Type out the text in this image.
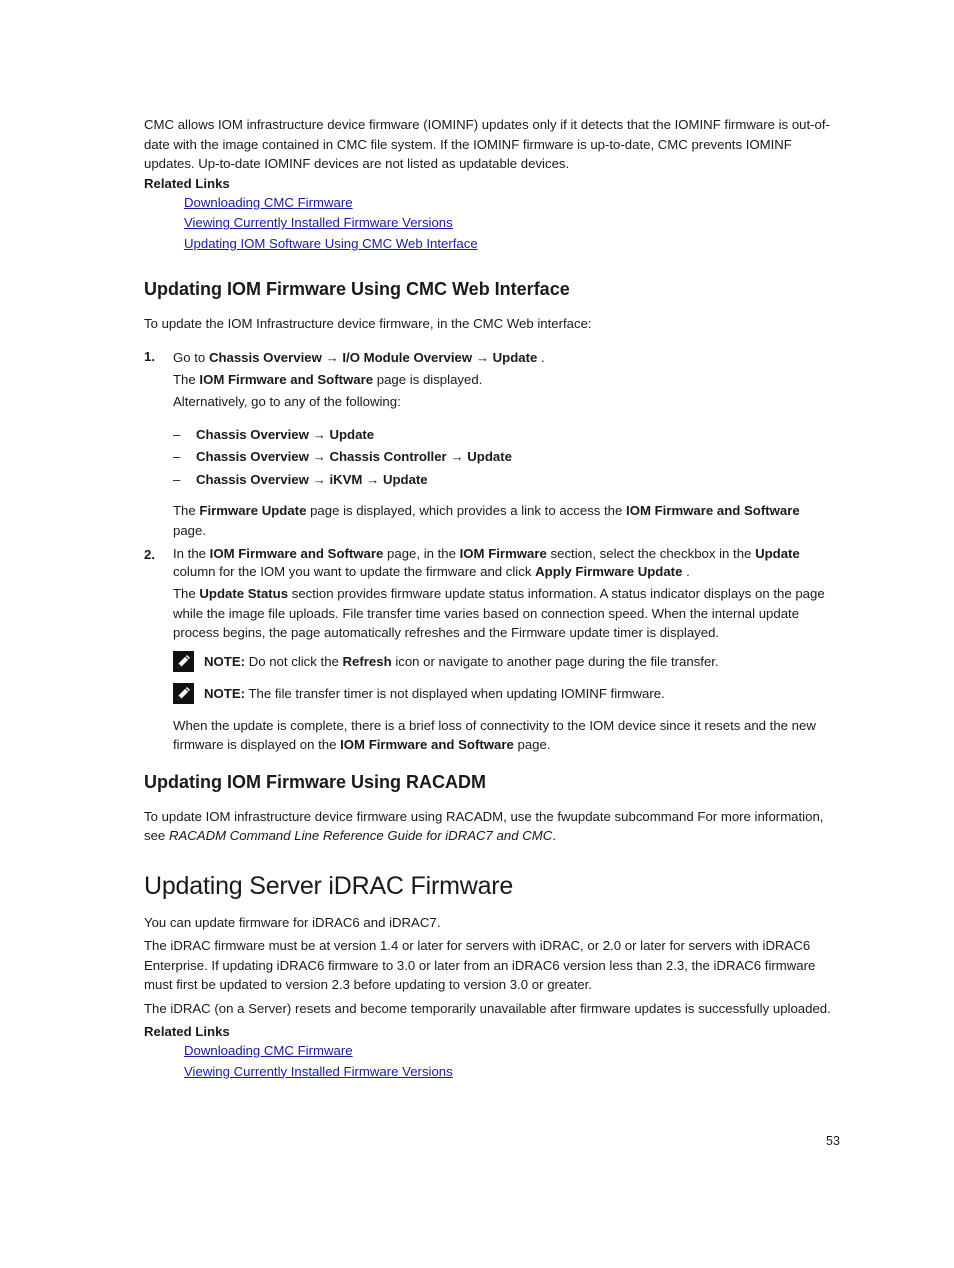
CMC allows IOM infrastructure device firmware (IOMINF) updates only if it detects that the IOMINF firmware is out-of-date with the image contained in CMC file system. If the IOMINF firmware is up-to-date, CMC prevents IOMINF updates. Up-to-date IOMINF devices are not listed as updatable devices.

Related Links
Downloading CMC Firmware
Viewing Currently Installed Firmware Versions
Updating IOM Software Using CMC Web Interface
Updating IOM Firmware Using CMC Web Interface

To update the IOM Infrastructure device firmware, in the CMC Web interface:

1. Go to Chassis Overview → I/O Module Overview → Update .

The IOM Firmware and Software page is displayed.

Alternatively, go to any of the following:

– Chassis Overview → Update
– Chassis Overview → Chassis Controller → Update
– Chassis Overview → iKVM → Update

The Firmware Update page is displayed, which provides a link to access the IOM Firmware and Software page.

2. In the IOM Firmware and Software page, in the IOM Firmware section, select the checkbox in the Update column for the IOM you want to update the firmware and click Apply Firmware Update .

The Update Status section provides firmware update status information. A status indicator displays on the page while the image file uploads. File transfer time varies based on connection speed. When the internal update process begins, the page automatically refreshes and the Firmware update timer is displayed.

NOTE: Do not click the Refresh icon or navigate to another page during the file transfer.
NOTE: The file transfer timer is not displayed when updating IOMINF firmware.

When the update is complete, there is a brief loss of connectivity to the IOM device since it resets and the new firmware is displayed on the IOM Firmware and Software page.

Updating IOM Firmware Using RACADM

To update IOM infrastructure device firmware using RACADM, use the fwupdate subcommand For more information, see RACADM Command Line Reference Guide for iDRAC7 and CMC.

Updating Server iDRAC Firmware

You can update firmware for iDRAC6 and iDRAC7.

The iDRAC firmware must be at version 1.4 or later for servers with iDRAC, or 2.0 or later for servers with iDRAC6 Enterprise. If updating iDRAC6 firmware to 3.0 or later from an iDRAC6 version less than 2.3, the iDRAC6 firmware must first be updated to version 2.3 before updating to version 3.0 or greater.

The iDRAC (on a Server) resets and become temporarily unavailable after firmware updates is successfully uploaded.

Related Links
Downloading CMC Firmware
Viewing Currently Installed Firmware Versions
53
